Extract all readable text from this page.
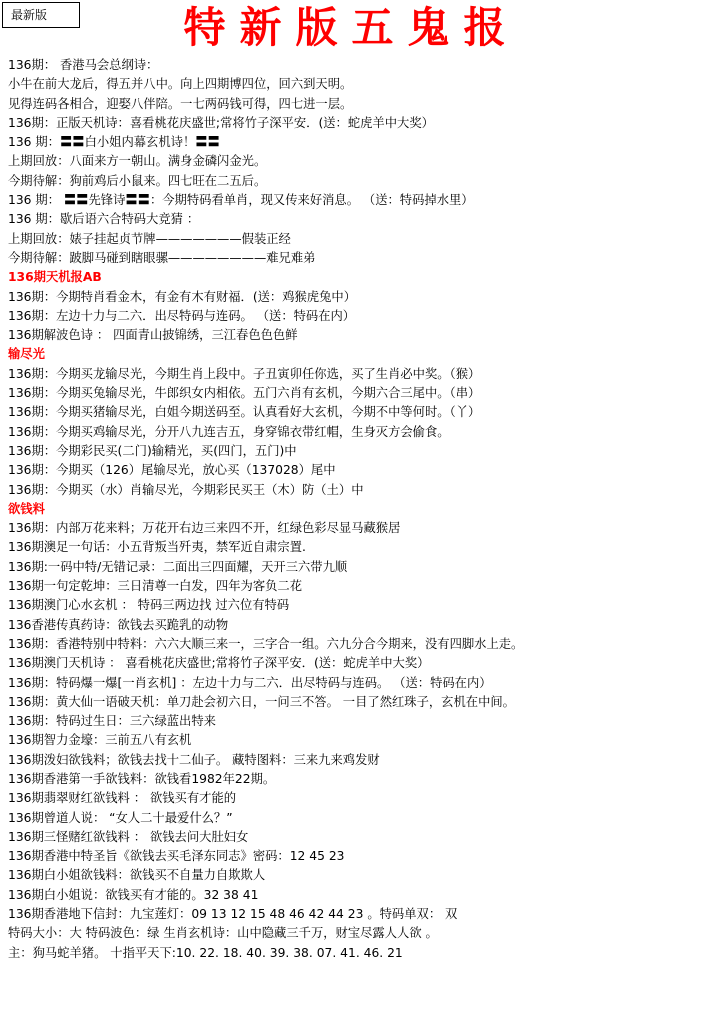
最新版	特新版五鬼报
136期： 香港马会总纲诗：
小牛在前大龙后，得五并八中。向上四期博四位，回六到天明。
见得连码各相合，迎娶八伴陪。一七两码钱可得，四七进一层。
136期：正版天机诗：喜看桃花庆盛世;常将竹子深平安．(送：蛇虎羊中大奖）
136 期：〓〓白小姐内幕玄机诗！〓〓
上期回放：八面来方一朝山。满身金磷闪金光。
今期待解：狗前鸡后小鼠来。四七旺在二五后。
136 期： 〓〓先锋诗〓〓：今期特码看单肖，现又传来好消息。 （送：特码掉水里）
136 期：歇后语六合特码大竞猜 ：
上期回放：婊子挂起贞节牌———————假装正经
今期待解：跛脚马碰到瞎眼骡————————难兄难弟
136期天机报AB
136期：今期特肖看金木，有金有木有财福．(送：鸡猴虎兔中）
136期：左边十力与二六．出尽特码与连码。 （送：特码在内）
136期解波色诗 ： 四面青山披锦绣，三江春色色色鲜
输尽光
136期：今期买龙输尽光，今期生肖上段中。子丑寅卯任你选，买了生肖必中奖。（猴）
136期：今期买兔输尽光，牛郎织女内相依。五门六肖有玄机，今期六合三尾中。（串）
136期：今期买猪输尽光，白姐今期送码至。认真看好大玄机，今期不中等何时。（丫）
136期：今期买鸡输尽光，分开八九连吉五，身穿锦衣带红帽，生身灭方会偷食。
136期：今期彩民买(二门)输精光，买(四门，五门)中
136期：今期买（126）尾输尽光，放心买（137028）尾中
136期：今期买（水）肖输尽光，今期彩民买王（木）防（土）中
欲钱料
136期：内部万花来料；万花开右边三来四不开，红绿色彩尽显马藏猴居
136期澳足一句话：小五背叛当歼夷，禁军近自肃宗置.
136期:一码中特/无错记录：二面出三四面耀，天开三六带九顺
136期一句定乾坤：三日清尊一白发，四年为客负二花
136期澳门心水玄机 ： 特码三两边找 过六位有特码
136香港传真药诗：欲钱去买跪乳的动物
136期：香港特别中特料：六六大顺三来一，三字合一组。六九分合今期来，没有四脚水上走。
136期澳门天机诗 ： 喜看桃花庆盛世;常将竹子深平安．(送：蛇虎羊中大奖）
136期：特码爆一爆[一肖玄机] ：左边十力与二六．出尽特码与连码。 （送：特码在内）
136期：黄大仙一语破天机：单刀赴会初六日，一问三不答。 一目了然红珠子，玄机在中间。
136期：特码过生日：三六绿蓝出特来
136期智力金壕：三前五八有玄机
136期泼妇欲钱料；欲钱去找十二仙子。 藏特图料：三来九来鸡发财
136期香港第一手欲钱料：欲钱看1982年22期。
136期翡翠财红欲钱料 ： 欲钱买有才能的
136期曾道人说： “女人二十最爱什么？”
136期三怪赌红欲钱料 ： 欲钱去问大肚妇女
136期香港中特圣旨《欲钱去买毛泽东同志》密码：12 45 23
136期白小姐欲钱料：欲钱买不自量力自欺欺人
136期白小姐说：欲钱买有才能的。32 38 41
136期香港地下信封：九宝莲灯：09 13 12 15 48 46 42 44 23 。特码单双： 双
特码大小：大 特码波色：绿 生肖玄机诗：山中隐藏三千万，财宝尽露人人欲 。
主：狗马蛇羊猪。 十指平天下:10. 22. 18. 40. 39. 38. 07. 41. 46. 21
